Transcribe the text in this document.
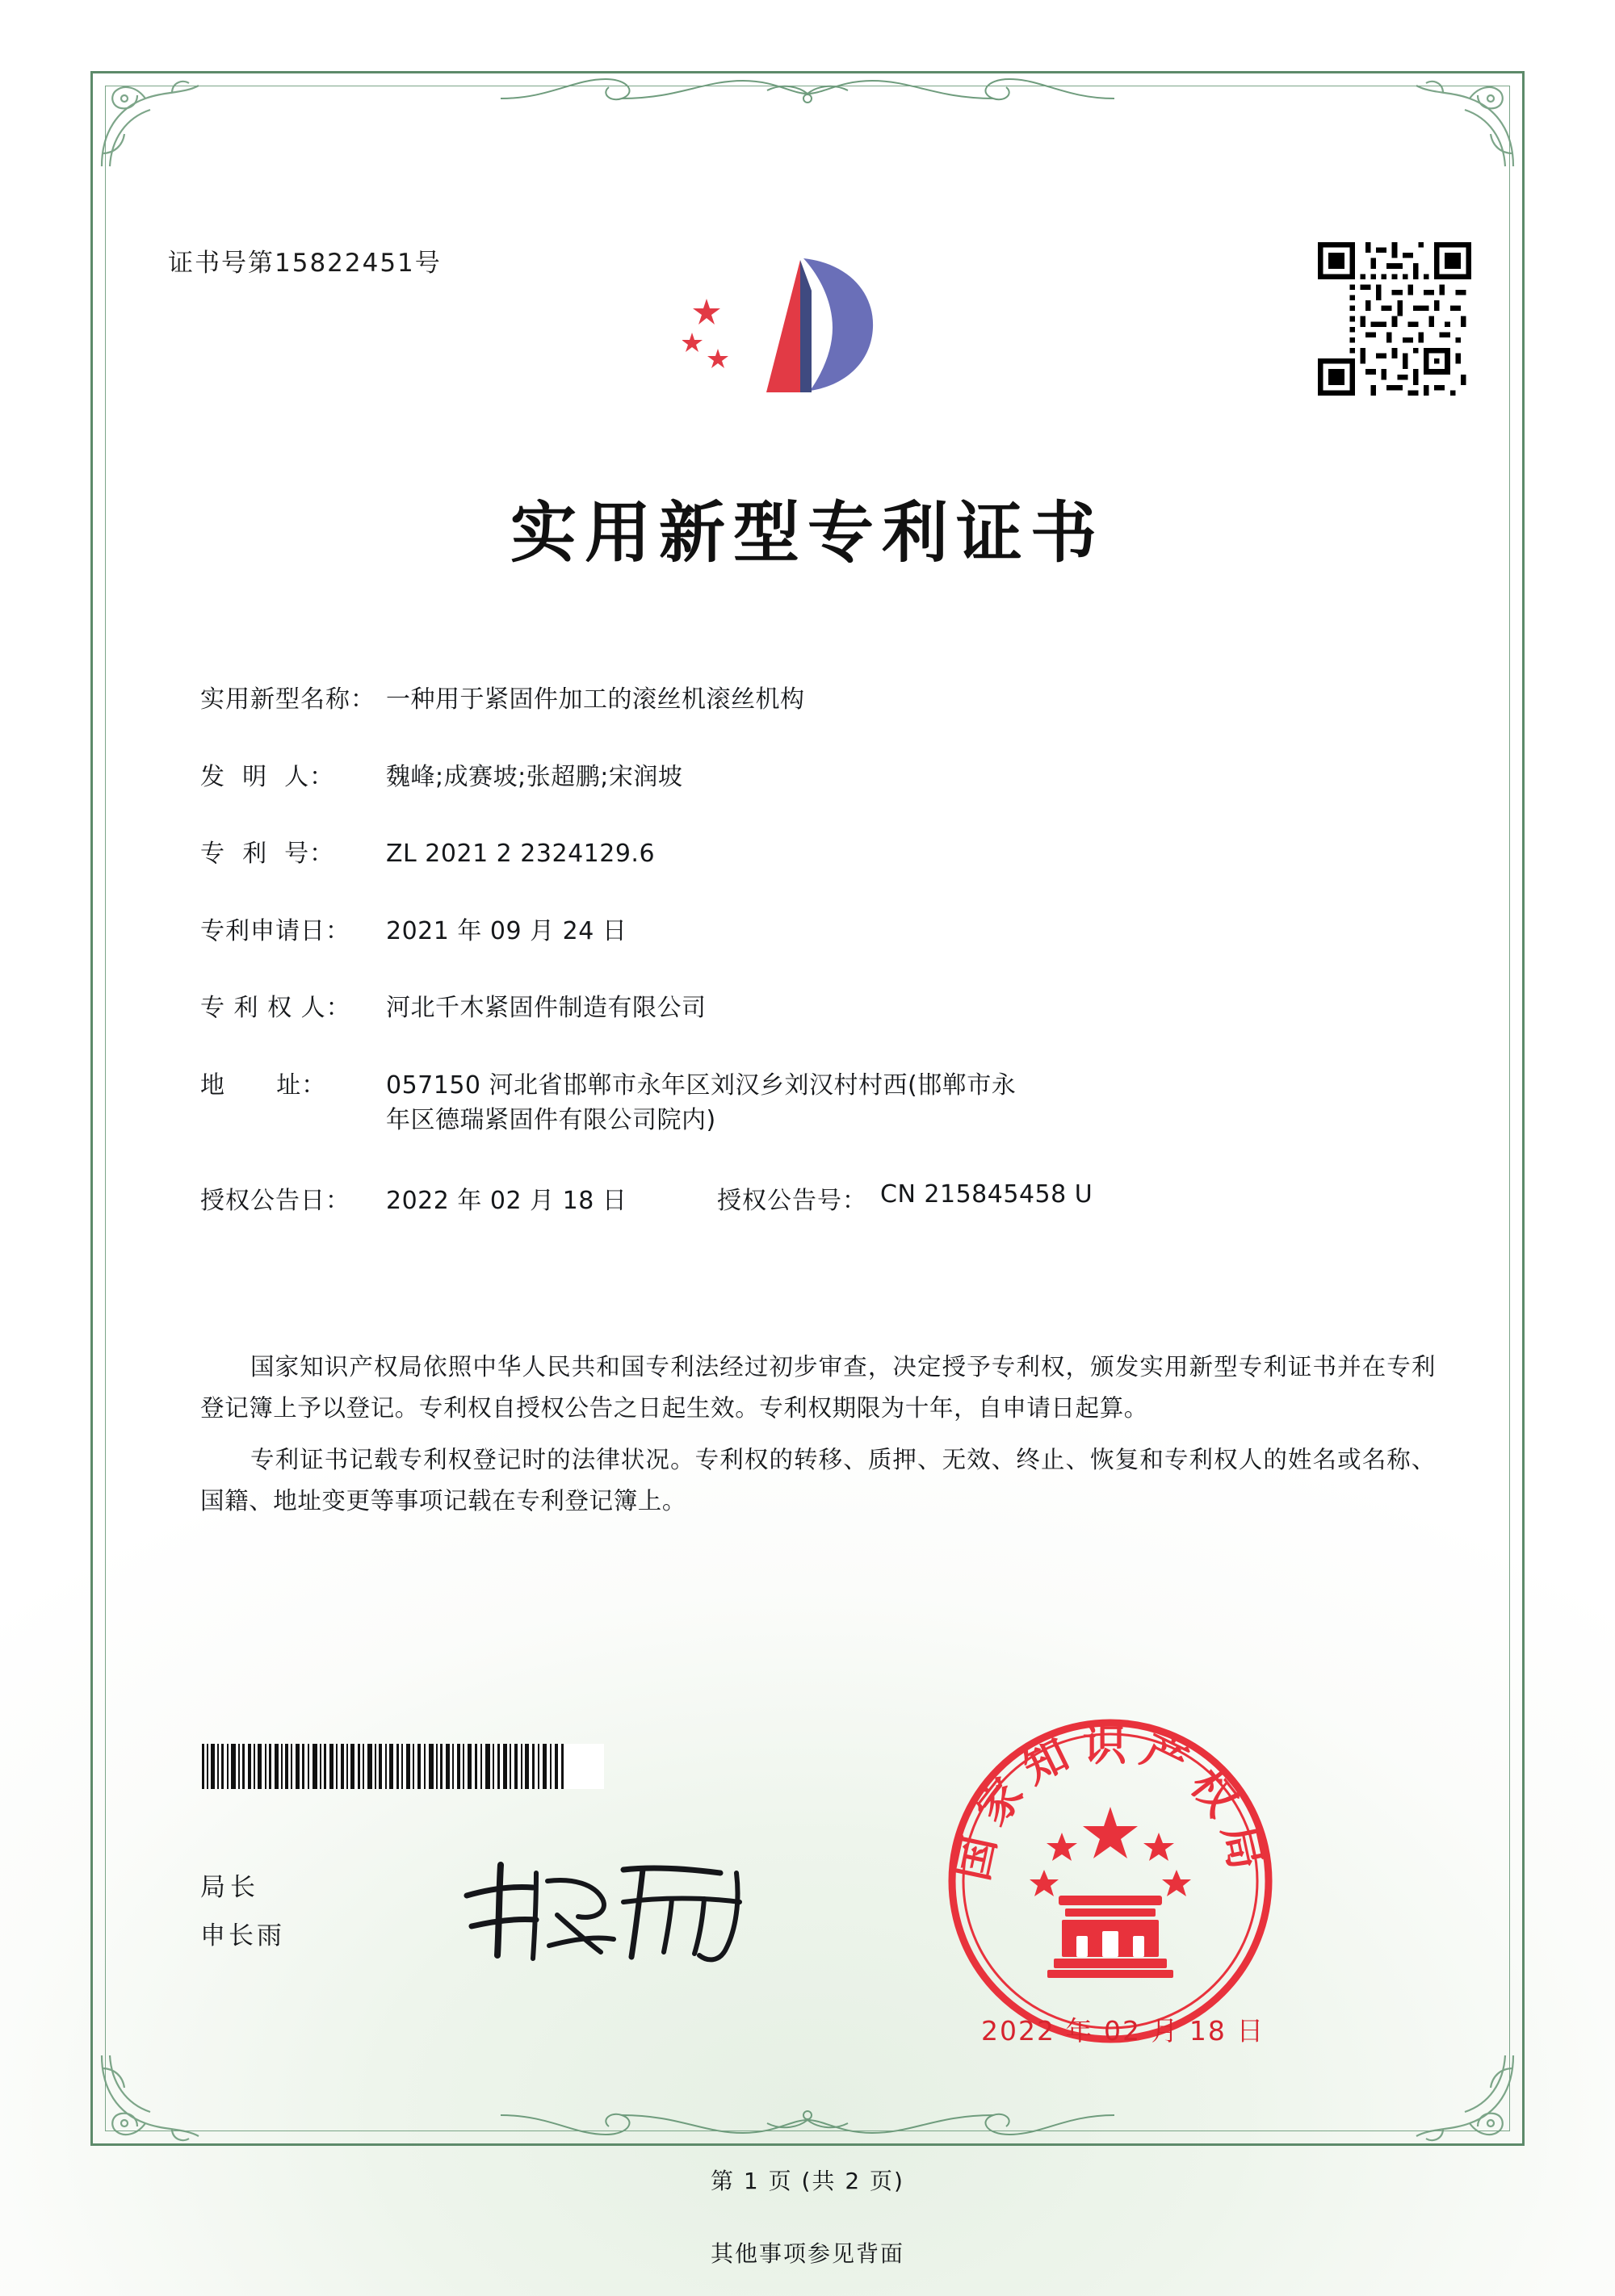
证书号第15822451号
实用新型专利证书
实用新型名称： 一种用于紧固件加工的滚丝机滚丝机构
发  明  人：	魏峰;成赛坡;张超鹏;宋润坡
专  利  号：	ZL 2021 2 2324129.6
专利申请日：	2021 年 09 月 24 日
专 利 权 人：	河北千木紧固件制造有限公司
地      址：	057150 河北省邯郸市永年区刘汉乡刘汉村村西(邯郸市永
年区德瑞紧固件有限公司院内)
授权公告日：	2022 年 02 月 18 日	授权公告号： CN 215845458 U

国家知识产权局依照中华人民共和国专利法经过初步审查，决定授予专利权，颁发实用新型专利证书并在专利登记簿上予以登记。专利权自授权公告之日起生效。专利权期限为十年，自申请日起算。

专利证书记载专利权登记时的法律状况。专利权的转移、质押、无效、终止、恢复和专利权人的姓名或名称、国籍、地址变更等事项记载在专利登记簿上。

局长
申长雨
国家知识产权局
2022 年 02 月 18 日
第 1 页 (共 2 页)
其他事项参见背面
